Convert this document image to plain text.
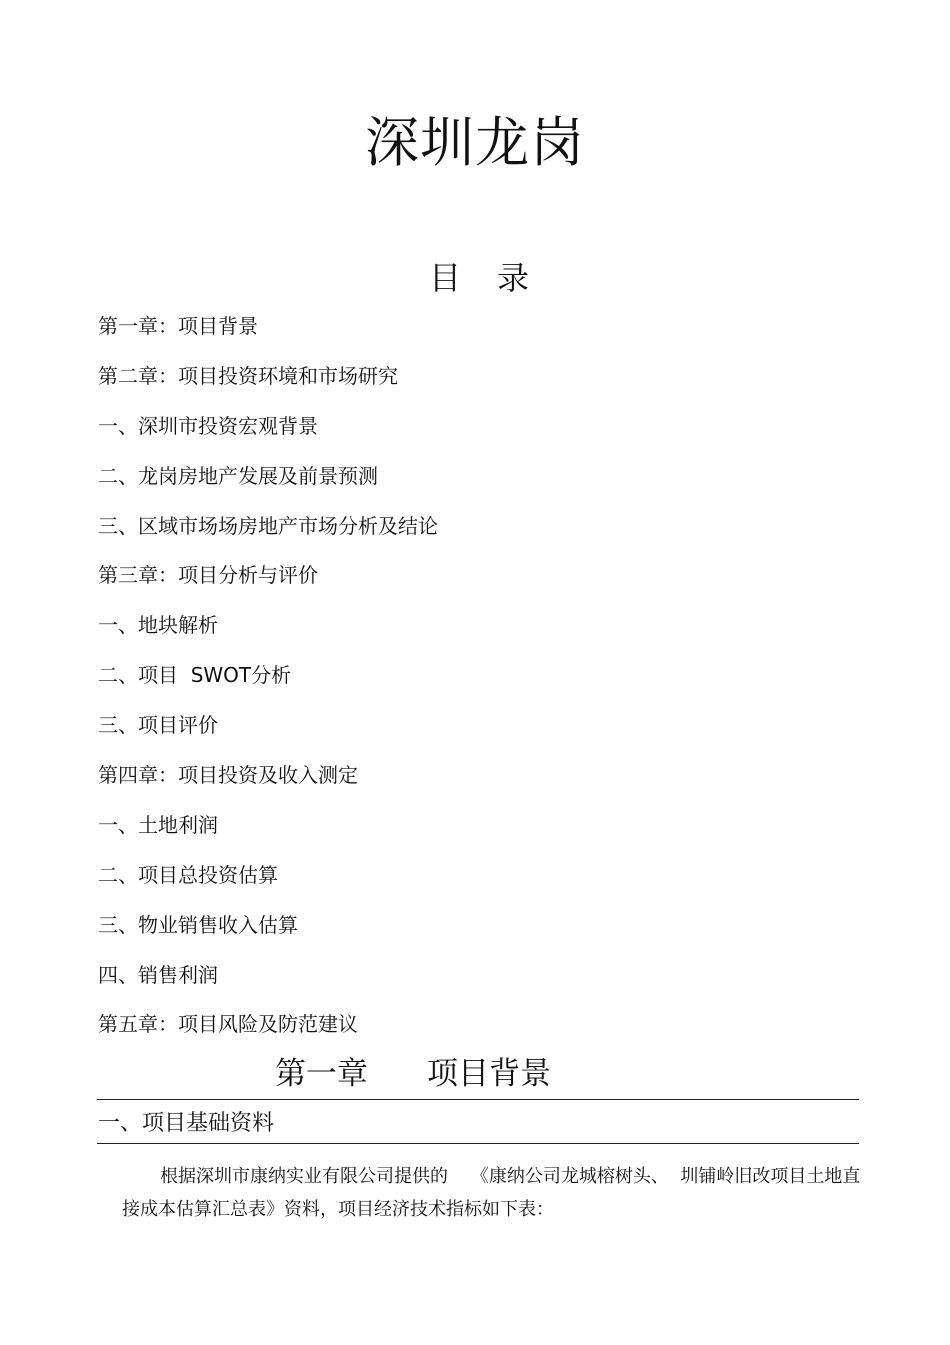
深圳龙岗
目 录
第一章：项目背景
第二章：项目投资环境和市场研究
一、深圳市投资宏观背景
二、龙岗房地产发展及前景预测
三、区域市场场房地产市场分析及结论
第三章：项目分析与评价
一、地块解析
二、项目  SWOT分析
三、项目评价
第四章：项目投资及收入测定
一、土地利润
二、项目总投资估算
三、物业销售收入估算
四、销售利润
第五章：项目风险及防范建议
第一章      项目背景
一、项目基础资料
根据深圳市康纳实业有限公司提供的    《康纳公司龙城榕树头、  圳铺岭旧改项目土地直接成本估算汇总表》资料，项目经济技术指标如下表：
